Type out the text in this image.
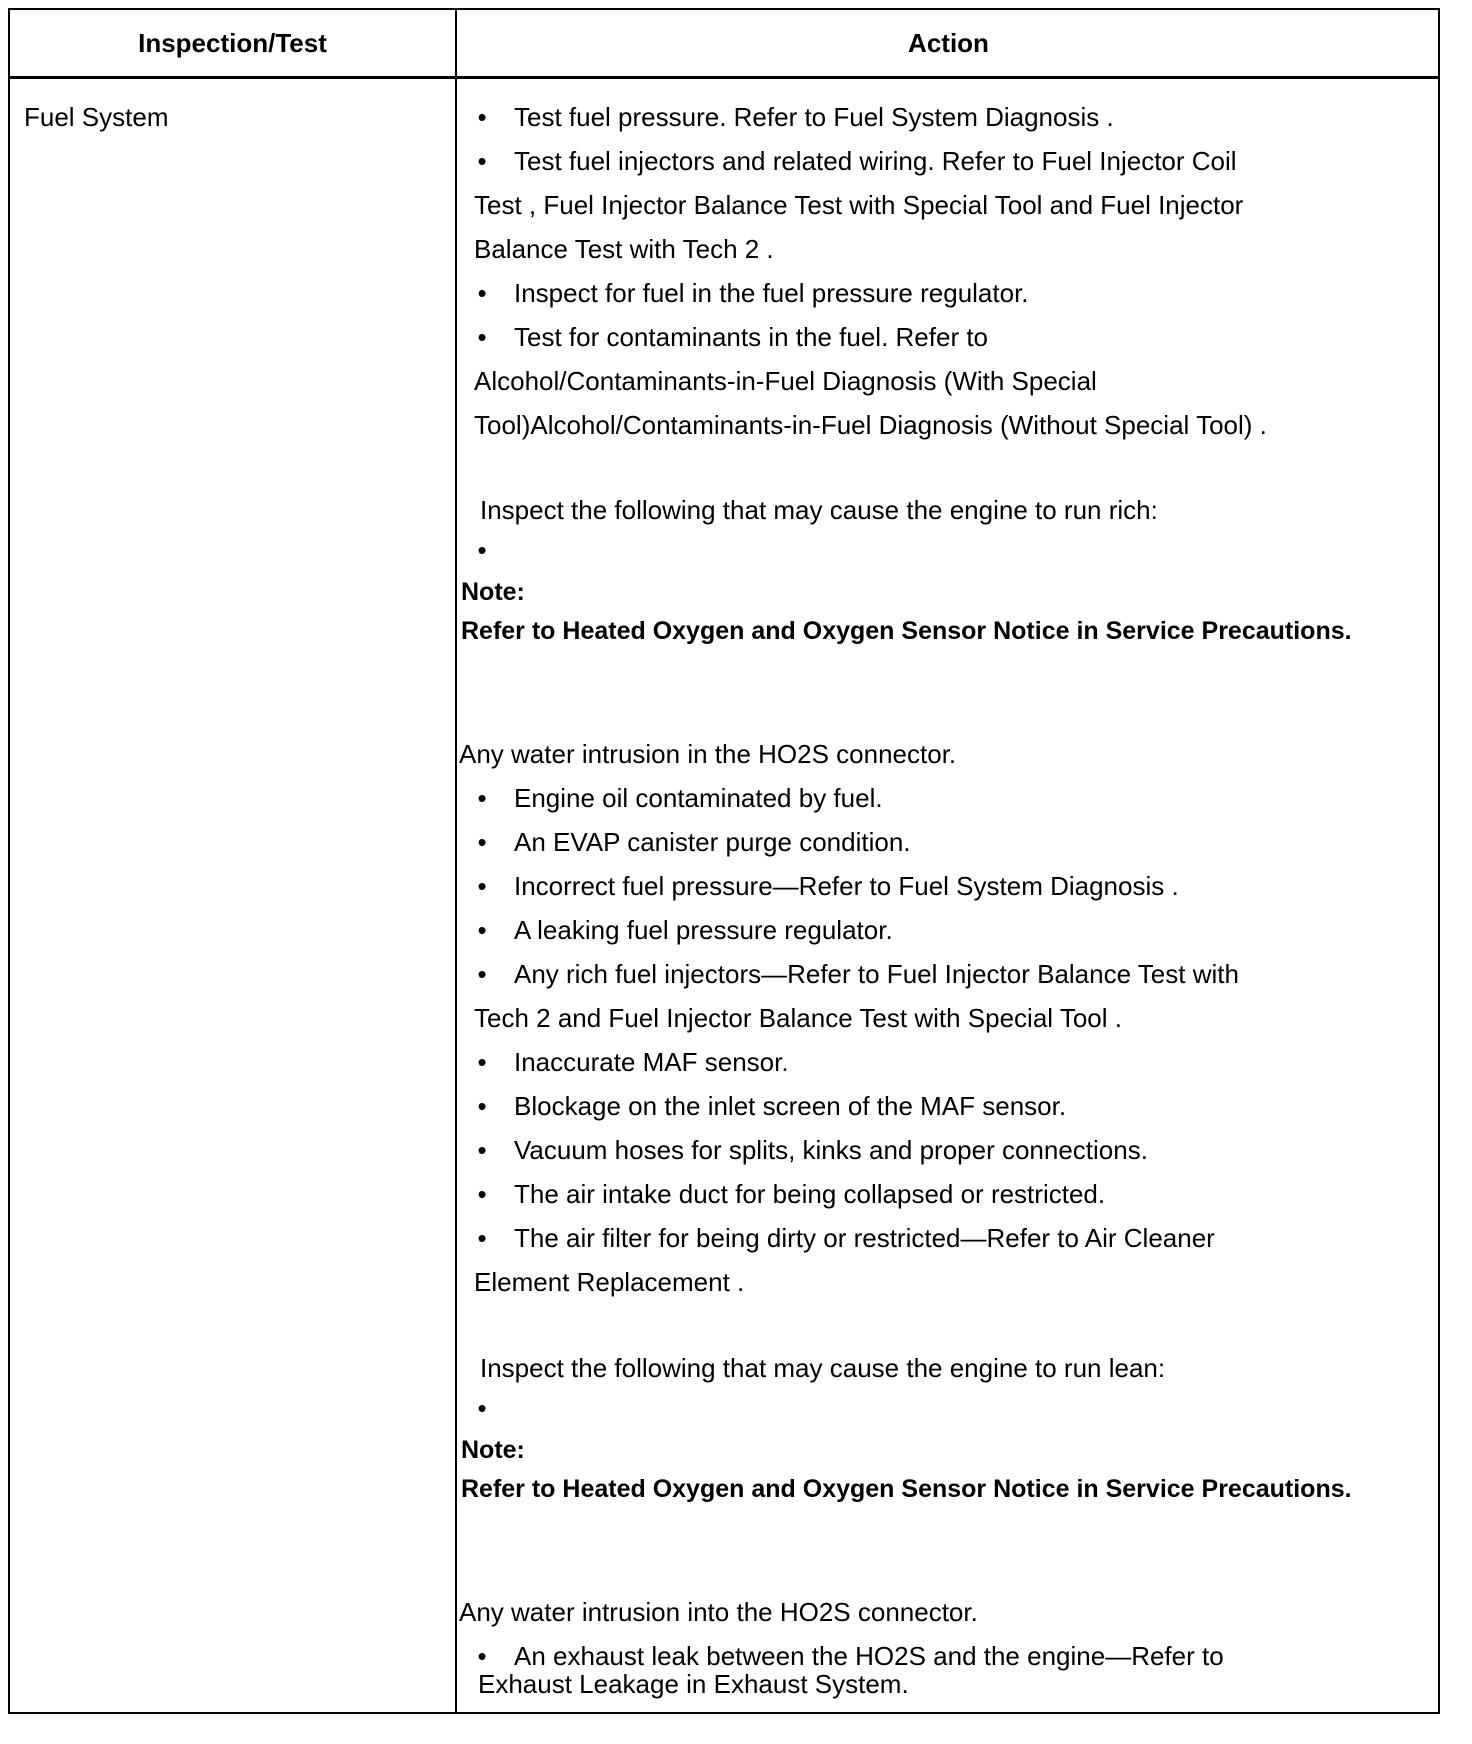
Inspection/Test	Action
Fuel System	• Test fuel pressure. Refer to Fuel System Diagnosis .
• Test fuel injectors and related wiring. Refer to Fuel Injector Coil
Test , Fuel Injector Balance Test with Special Tool and Fuel Injector
Balance Test with Tech 2 .
• Inspect for fuel in the fuel pressure regulator.
• Test for contaminants in the fuel. Refer to
Alcohol/Contaminants-in-Fuel Diagnosis (With Special
Tool)Alcohol/Contaminants-in-Fuel Diagnosis (Without Special Tool) .
Inspect the following that may cause the engine to run rich:
•
Note:
Refer to Heated Oxygen and Oxygen Sensor Notice in Service Precautions.
Any water intrusion in the HO2S connector.
• Engine oil contaminated by fuel.
• An EVAP canister purge condition.
• Incorrect fuel pressure—Refer to Fuel System Diagnosis .
• A leaking fuel pressure regulator.
• Any rich fuel injectors—Refer to Fuel Injector Balance Test with
Tech 2 and Fuel Injector Balance Test with Special Tool .
• Inaccurate MAF sensor.
• Blockage on the inlet screen of the MAF sensor.
• Vacuum hoses for splits, kinks and proper connections.
• The air intake duct for being collapsed or restricted.
• The air filter for being dirty or restricted—Refer to Air Cleaner
Element Replacement .
Inspect the following that may cause the engine to run lean:
•
Note:
Refer to Heated Oxygen and Oxygen Sensor Notice in Service Precautions.
Any water intrusion into the HO2S connector.
• An exhaust leak between the HO2S and the engine—Refer to
Exhaust Leakage in Exhaust System.
